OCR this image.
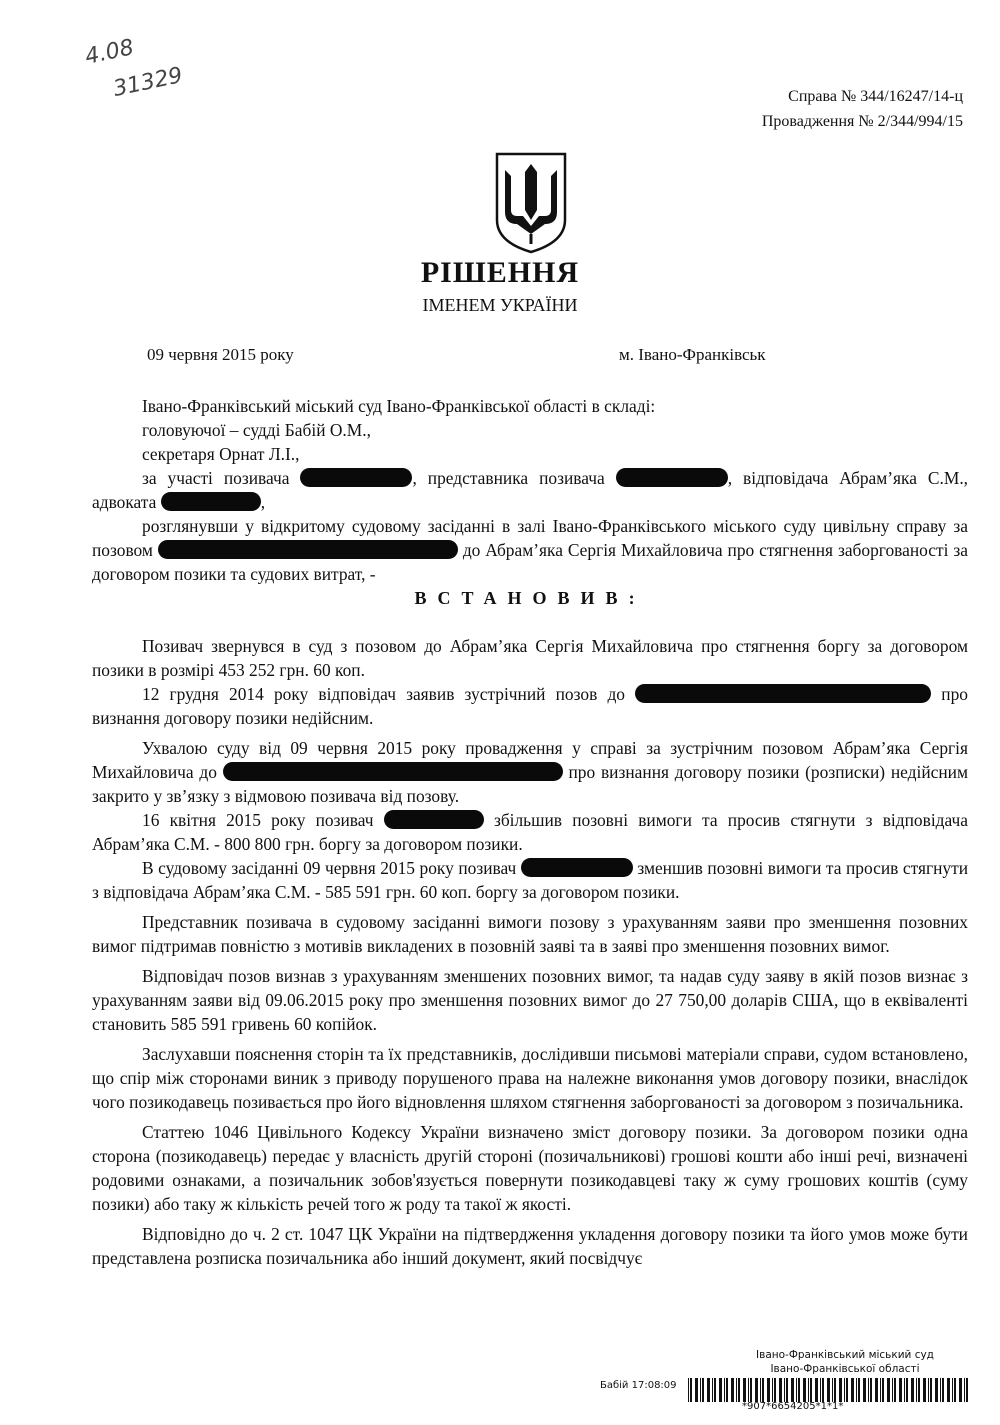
4.08
31329	Справа № 344/16247/14-ц
Провадження № 2/344/994/15
РІШЕННЯ
ІМЕНЕМ УКРАЇНИ
09 червня 2015 року	м. Івано-Франківськ

Івано-Франківський міський суд Івано-Франківської області в складі:

головуючої – судді Бабій О.М.,

секретаря Орнат Л.І.,

за участі позивача	, представника позивача	, відповідача Абрам’яка С.М., адвоката	,

розглянувши у відкритому судовому засіданні в залі Івано-Франківського міського суду цивільну справу за позовом	до Абрам’яка Сергія Михайловича про стягнення заборгованості за договором позики та судових витрат, -

ВСТАНОВИВ:

Позивач звернувся в суд з позовом до Абрам’яка Сергія Михайловича про стягнення боргу за договором позики в розмірі 453 252 грн. 60 коп.

12 грудня 2014 року відповідач заявив зустрічний позов до	про визнання договору позики недійсним.

Ухвалою суду від 09 червня 2015 року провадження у справі за зустрічним позовом Абрам’яка Сергія Михайловича до	про визнання договору позики (розписки) недійсним закрито у зв’язку з відмовою позивача від позову.

16 квітня 2015 року позивач	збільшив позовні вимоги та просив стягнути з відповідача Абрам’яка С.М. - 800 800 грн. боргу за договором позики.

В судовому засіданні 09 червня 2015 року позивач	зменшив позовні вимоги та просив стягнути з відповідача Абрам’яка С.М. - 585 591 грн. 60 коп. боргу за договором позики.

Представник позивача в судовому засіданні вимоги позову з урахуванням заяви про зменшення позовних вимог підтримав повністю з мотивів викладених в позовній заяві та в заяві про зменшення позовних вимог.

Відповідач позов визнав з урахуванням зменшених позовних вимог, та надав суду заяву в якій позов визнає з урахуванням заяви від 09.06.2015 року про зменшення позовних вимог до 27 750,00 доларів США, що в еквіваленті становить 585 591 гривень 60 копійок.

Заслухавши пояснення сторін та їх представників, дослідивши письмові матеріали справи, судом встановлено, що спір між сторонами виник з приводу порушеного права на належне виконання умов договору позики, внаслідок чого позикодавець позивається про його відновлення шляхом стягнення заборгованості за договором з позичальника.

Статтею 1046 Цивільного Кодексу України визначено зміст договору позики. За договором позики одна сторона (позикодавець) передає у власність другій стороні (позичальникові) грошові кошти або інші речі, визначені родовими ознаками, а позичальник зобов'язується повернути позикодавцеві таку ж суму грошових коштів (суму позики) або таку ж кількість речей того ж роду та такої ж якості.

Відповідно до ч. 2 ст. 1047 ЦК України на підтвердження укладення договору позики та його умов може бути представлена розписка позичальника або інший документ, який посвідчує

Івано-Франківський міський суд
Івано-Франківської області
Бабій 17:08:09
*907*6654205*1*1*
